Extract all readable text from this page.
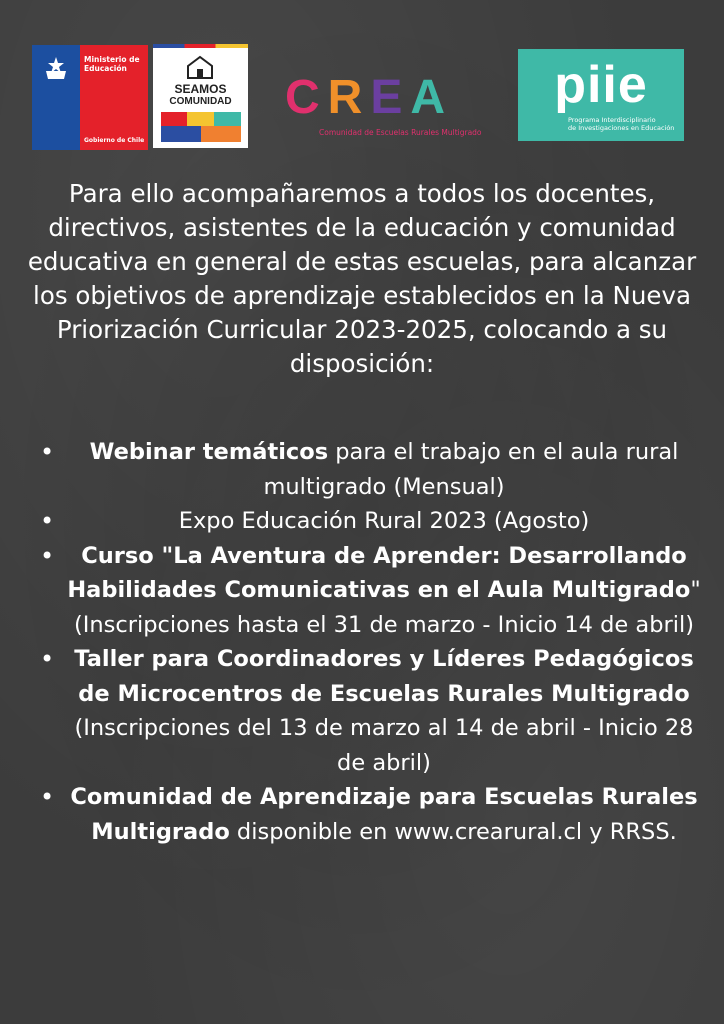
Ministerio de
Educación
Gobierno de Chile
SEAMOS
COMUNIDAD	CREA
Comunidad de Escuelas Rurales Multigrado
piie
Programa Interdisciplinario
de Investigaciones en Educación

Para ello acompañaremos a todos los docentes, directivos, asistentes de la educación y comunidad educativa en general de estas escuelas, para alcanzar los objetivos de aprendizaje establecidos en la Nueva Priorización Curricular 2023-2025, colocando a su disposición:

• Webinar temáticos para el trabajo en el aula rural multigrado (Mensual)
• Expo Educación Rural 2023 (Agosto)
• Curso "La Aventura de Aprender: Desarrollando Habilidades Comunicativas en el Aula Multigrado" (Inscripciones hasta el 31 de marzo - Inicio 14 de abril)
• Taller para Coordinadores y Líderes Pedagógicos de Microcentros de Escuelas Rurales Multigrado (Inscripciones del 13 de marzo al 14 de abril - Inicio 28 de abril)
• Comunidad de Aprendizaje para Escuelas Rurales Multigrado disponible en www.crearural.cl y RRSS.
